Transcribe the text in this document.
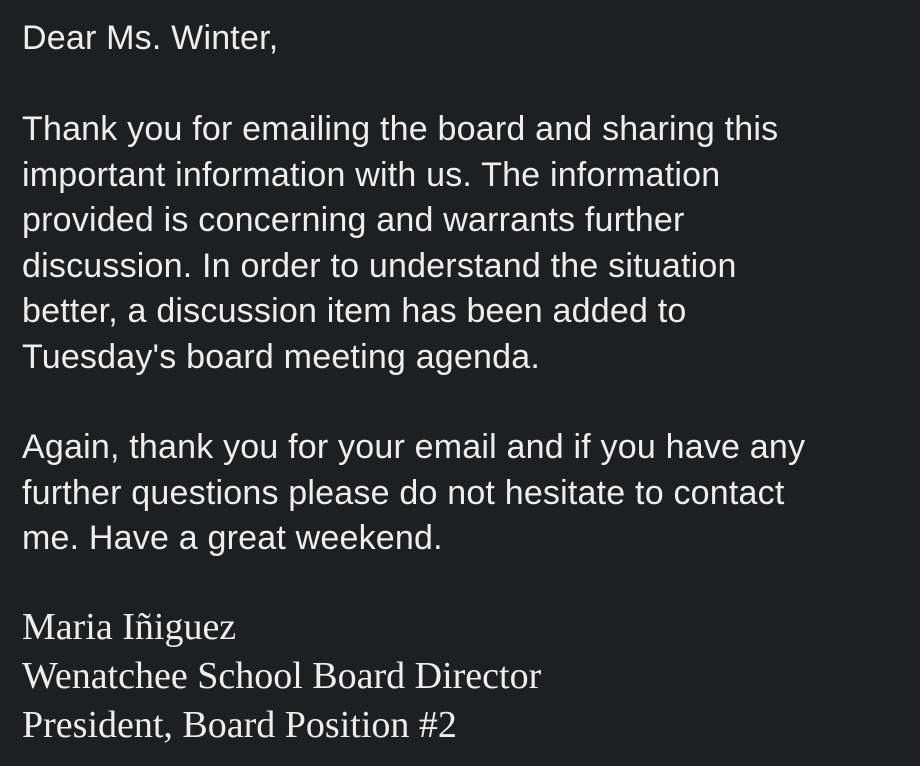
Dear Ms. Winter,
Thank you for emailing the board and sharing this
important information with us. The information
provided is concerning and warrants further
discussion. In order to understand the situation
better, a discussion item has been added to
Tuesday's board meeting agenda.
Again, thank you for your email and if you have any
further questions please do not hesitate to contact
me. Have a great weekend.
Maria Iñiguez
Wenatchee School Board Director
President, Board Position #2
